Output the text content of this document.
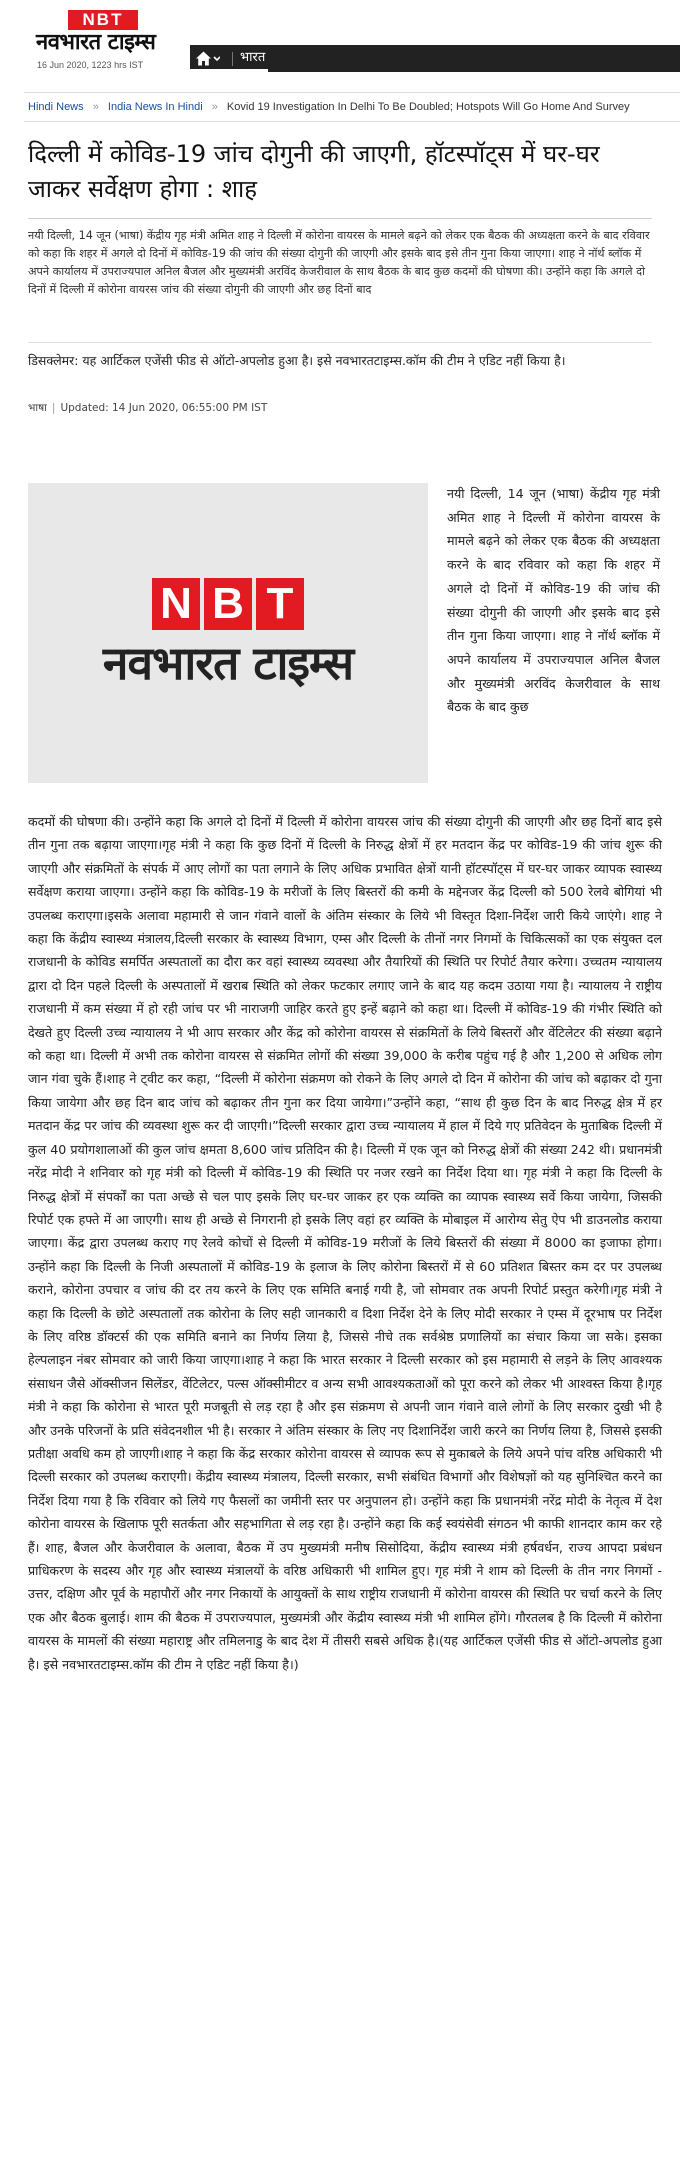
NBT
नवभारत टाइम्स
16 Jun 2020, 1223 hrs IST	भारत
Hindi News » India News In Hindi » Kovid 19 Investigation In Delhi To Be Doubled; Hotspots Will Go Home And Survey
दिल्ली में कोविड-19 जांच दोगुनी की जाएगी, हॉटस्पॉट्स में घर-घर जाकर सर्वेक्षण होगा : शाह

नयी दिल्ली, 14 जून (भाषा) केंद्रीय गृह मंत्री अमित शाह ने दिल्ली में कोरोना वायरस के मामले बढ़ने को लेकर एक बैठक की अध्यक्षता करने के बाद रविवार को कहा कि शहर में अगले दो दिनों में कोविड-19 की जांच की संख्या दोगुनी की जाएगी और इसके बाद इसे तीन गुना किया जाएगा। शाह ने नॉर्थ ब्लॉक में अपने कार्यालय में उपराज्यपाल अनिल बैजल और मुख्यमंत्री अरविंद केजरीवाल के साथ बैठक के बाद कुछ कदमों की घोषणा की। उन्होंने कहा कि अगले दो दिनों में दिल्ली में कोरोना वायरस जांच की संख्या दोगुनी की जाएगी और छह दिनों बाद

डिसक्लेमर: यह आर्टिकल एजेंसी फीड से ऑटो-अपलोड हुआ है। इसे नवभारतटाइम्स.कॉम की टीम ने एडिट नहीं किया है।

भाषा | Updated: 14 Jun 2020, 06:55:00 PM IST
N B T
नवभारत टाइम्स

नयी दिल्ली, 14 जून (भाषा) केंद्रीय गृह मंत्री अमित शाह ने दिल्ली में कोरोना वायरस के मामले बढ़ने को लेकर एक बैठक की अध्यक्षता करने के बाद रविवार को कहा कि शहर में अगले दो दिनों में कोविड-19 की जांच की संख्या दोगुनी की जाएगी और इसके बाद इसे तीन गुना किया जाएगा। शाह ने नॉर्थ ब्लॉक में अपने कार्यालय में उपराज्यपाल अनिल बैजल और मुख्यमंत्री अरविंद केजरीवाल के साथ बैठक के बाद कुछ

कदमों की घोषणा की। उन्होंने कहा कि अगले दो दिनों में दिल्ली में कोरोना वायरस जांच की संख्या दोगुनी की जाएगी और छह दिनों बाद इसे तीन गुना तक बढ़ाया जाएगा।गृह मंत्री ने कहा कि कुछ दिनों में दिल्ली के निरुद्ध क्षेत्रों में हर मतदान केंद्र पर कोविड-19 की जांच शुरू की जाएगी और संक्रमितों के संपर्क में आए लोगों का पता लगाने के लिए अधिक प्रभावित क्षेत्रों यानी हॉटस्पॉट्स में घर-घर जाकर व्यापक स्वास्थ्य सर्वेक्षण कराया जाएगा। उन्होंने कहा कि कोविड-19 के मरीजों के लिए बिस्तरों की कमी के मद्देनजर केंद्र दिल्ली को 500 रेलवे बोगियां भी उपलब्ध कराएगा।इसके अलावा महामारी से जान गंवाने वालों के अंतिम संस्कार के लिये भी विस्तृत दिशा-निर्देश जारी किये जाएंगे। शाह ने कहा कि केंद्रीय स्वास्थ्य मंत्रालय,दिल्ली सरकार के स्वास्थ्य विभाग, एम्स और दिल्ली के तीनों नगर निगमों के चिकित्सकों का एक संयुक्त दल राजधानी के कोविड समर्पित अस्पतालों का दौरा कर वहां स्वास्थ्य व्यवस्था और तैयारियों की स्थिति पर रिपोर्ट तैयार करेगा। उच्चतम न्यायालय द्वारा दो दिन पहले दिल्ली के अस्पतालों में खराब स्थिति को लेकर फटकार लगाए जाने के बाद यह कदम उठाया गया है। न्यायालय ने राष्ट्रीय राजधानी में कम संख्या में हो रही जांच पर भी नाराजगी जाहिर करते हुए इन्हें बढ़ाने को कहा था। दिल्ली में कोविड-19 की गंभीर स्थिति को देखते हुए दिल्ली उच्च न्यायालय ने भी आप सरकार और केंद्र को कोरोना वायरस से संक्रमितों के लिये बिस्तरों और वेंटिलेटर की संख्या बढ़ाने को कहा था। दिल्ली में अभी तक कोरोना वायरस से संक्रमित लोगों की संख्या 39,000 के करीब पहुंच गई है और 1,200 से अधिक लोग जान गंवा चुके हैं।शाह ने ट्वीट कर कहा, “दिल्ली में कोरोना संक्रमण को रोकने के लिए अगले दो दिन में कोरोना की जांच को बढ़ाकर दो गुना किया जायेगा और छह दिन बाद जांच को बढ़ाकर तीन गुना कर दिया जायेगा।”उन्होंने कहा, “साथ ही कुछ दिन के बाद निरुद्ध क्षेत्र में हर मतदान केंद्र पर जांच की व्यवस्था शुरू कर दी जाएगी।”दिल्ली सरकार द्वारा उच्च न्यायालय में हाल में दिये गए प्रतिवेदन के मुताबिक दिल्ली में कुल 40 प्रयोगशालाओं की कुल जांच क्षमता 8,600 जांच प्रतिदिन की है। दिल्ली में एक जून को निरुद्ध क्षेत्रों की संख्या 242 थी। प्रधानमंत्री नरेंद्र मोदी ने शनिवार को गृह मंत्री को दिल्ली में कोविड-19 की स्थिति पर नजर रखने का निर्देश दिया था। गृह मंत्री ने कहा कि दिल्ली के निरुद्ध क्षेत्रों में संपर्कों का पता अच्छे से चल पाए इसके लिए घर-घर जाकर हर एक व्यक्ति का व्यापक स्वास्थ्य सर्वे किया जायेगा, जिसकी रिपोर्ट एक हफ्ते में आ जाएगी। साथ ही अच्छे से निगरानी हो इसके लिए वहां हर व्यक्ति के मोबाइल में आरोग्य सेतु ऐप भी डाउनलोड कराया जाएगा। केंद्र द्वारा उपलब्ध कराए गए रेलवे कोचों से दिल्ली में कोविड-19 मरीजों के लिये बिस्तरों की संख्या में 8000 का इजाफा होगा। उन्होंने कहा कि दिल्ली के निजी अस्पतालों में कोविड-19 के इलाज के लिए कोरोना बिस्तरों में से 60 प्रतिशत बिस्तर कम दर पर उपलब्ध कराने, कोरोना उपचार व जांच की दर तय करने के लिए एक समिति बनाई गयी है, जो सोमवार तक अपनी रिपोर्ट प्रस्तुत करेगी।गृह मंत्री ने कहा कि दिल्ली के छोटे अस्पतालों तक कोरोना के लिए सही जानकारी व दिशा निर्देश देने के लिए मोदी सरकार ने एम्स में दूरभाष पर निर्देश के लिए वरिष्ठ डॉक्टर्स की एक समिति बनाने का निर्णय लिया है, जिससे नीचे तक सर्वश्रेष्ठ प्रणालियों का संचार किया जा सके। इसका हेल्पलाइन नंबर सोमवार को जारी किया जाएगा।शाह ने कहा कि भारत सरकार ने दिल्ली सरकार को इस महामारी से लड़ने के लिए आवश्यक संसाधन जैसे ऑक्सीजन सिलेंडर, वेंटिलेटर, पल्स ऑक्सीमीटर व अन्य सभी आवश्यकताओं को पूरा करने को लेकर भी आश्वस्त किया है।गृह मंत्री ने कहा कि कोरोना से भारत पूरी मजबूती से लड़ रहा है और इस संक्रमण से अपनी जान गंवाने वाले लोगों के लिए सरकार दुखी भी है और उनके परिजनों के प्रति संवेदनशील भी है। सरकार ने अंतिम संस्कार के लिए नए दिशानिर्देश जारी करने का निर्णय लिया है, जिससे इसकी प्रतीक्षा अवधि कम हो जाएगी।शाह ने कहा कि केंद्र सरकार कोरोना वायरस से व्यापक रूप से मुकाबले के लिये अपने पांच वरिष्ठ अधिकारी भी दिल्ली सरकार को उपलब्ध कराएगी। केंद्रीय स्वास्थ्य मंत्रालय, दिल्ली सरकार, सभी संबंधित विभागों और विशेषज्ञों को यह सुनिश्चित करने का निर्देश दिया गया है कि रविवार को लिये गए फैसलों का जमीनी स्तर पर अनुपालन हो। उन्होंने कहा कि प्रधानमंत्री नरेंद्र मोदी के नेतृत्व में देश कोरोना वायरस के खिलाफ पूरी सतर्कता और सहभागिता से लड़ रहा है। उन्होंने कहा कि कई स्वयंसेवी संगठन भी काफी शानदार काम कर रहे हैं। शाह, बैजल और केजरीवाल के अलावा, बैठक में उप मुख्यमंत्री मनीष सिसोदिया, केंद्रीय स्वास्थ्य मंत्री हर्षवर्धन, राज्य आपदा प्रबंधन प्राधिकरण के सदस्य और गृह और स्वास्थ्य मंत्रालयों के वरिष्ठ अधिकारी भी शामिल हुए। गृह मंत्री ने शाम को दिल्ली के तीन नगर निगमों - उत्तर, दक्षिण और पूर्व के महापौरों और नगर निकायों के आयुक्तों के साथ राष्ट्रीय राजधानी में कोरोना वायरस की स्थिति पर चर्चा करने के लिए एक और बैठक बुलाई। शाम की बैठक में उपराज्यपाल, मुख्यमंत्री और केंद्रीय स्वास्थ्य मंत्री भी शामिल होंगे। गौरतलब है कि दिल्ली में कोरोना वायरस के मामलों की संख्या महाराष्ट्र और तमिलनाडु के बाद देश में तीसरी सबसे अधिक है।(यह आर्टिकल एजेंसी फीड से ऑटो-अपलोड हुआ है। इसे नवभारतटाइम्स.कॉम की टीम ने एडिट नहीं किया है।)
